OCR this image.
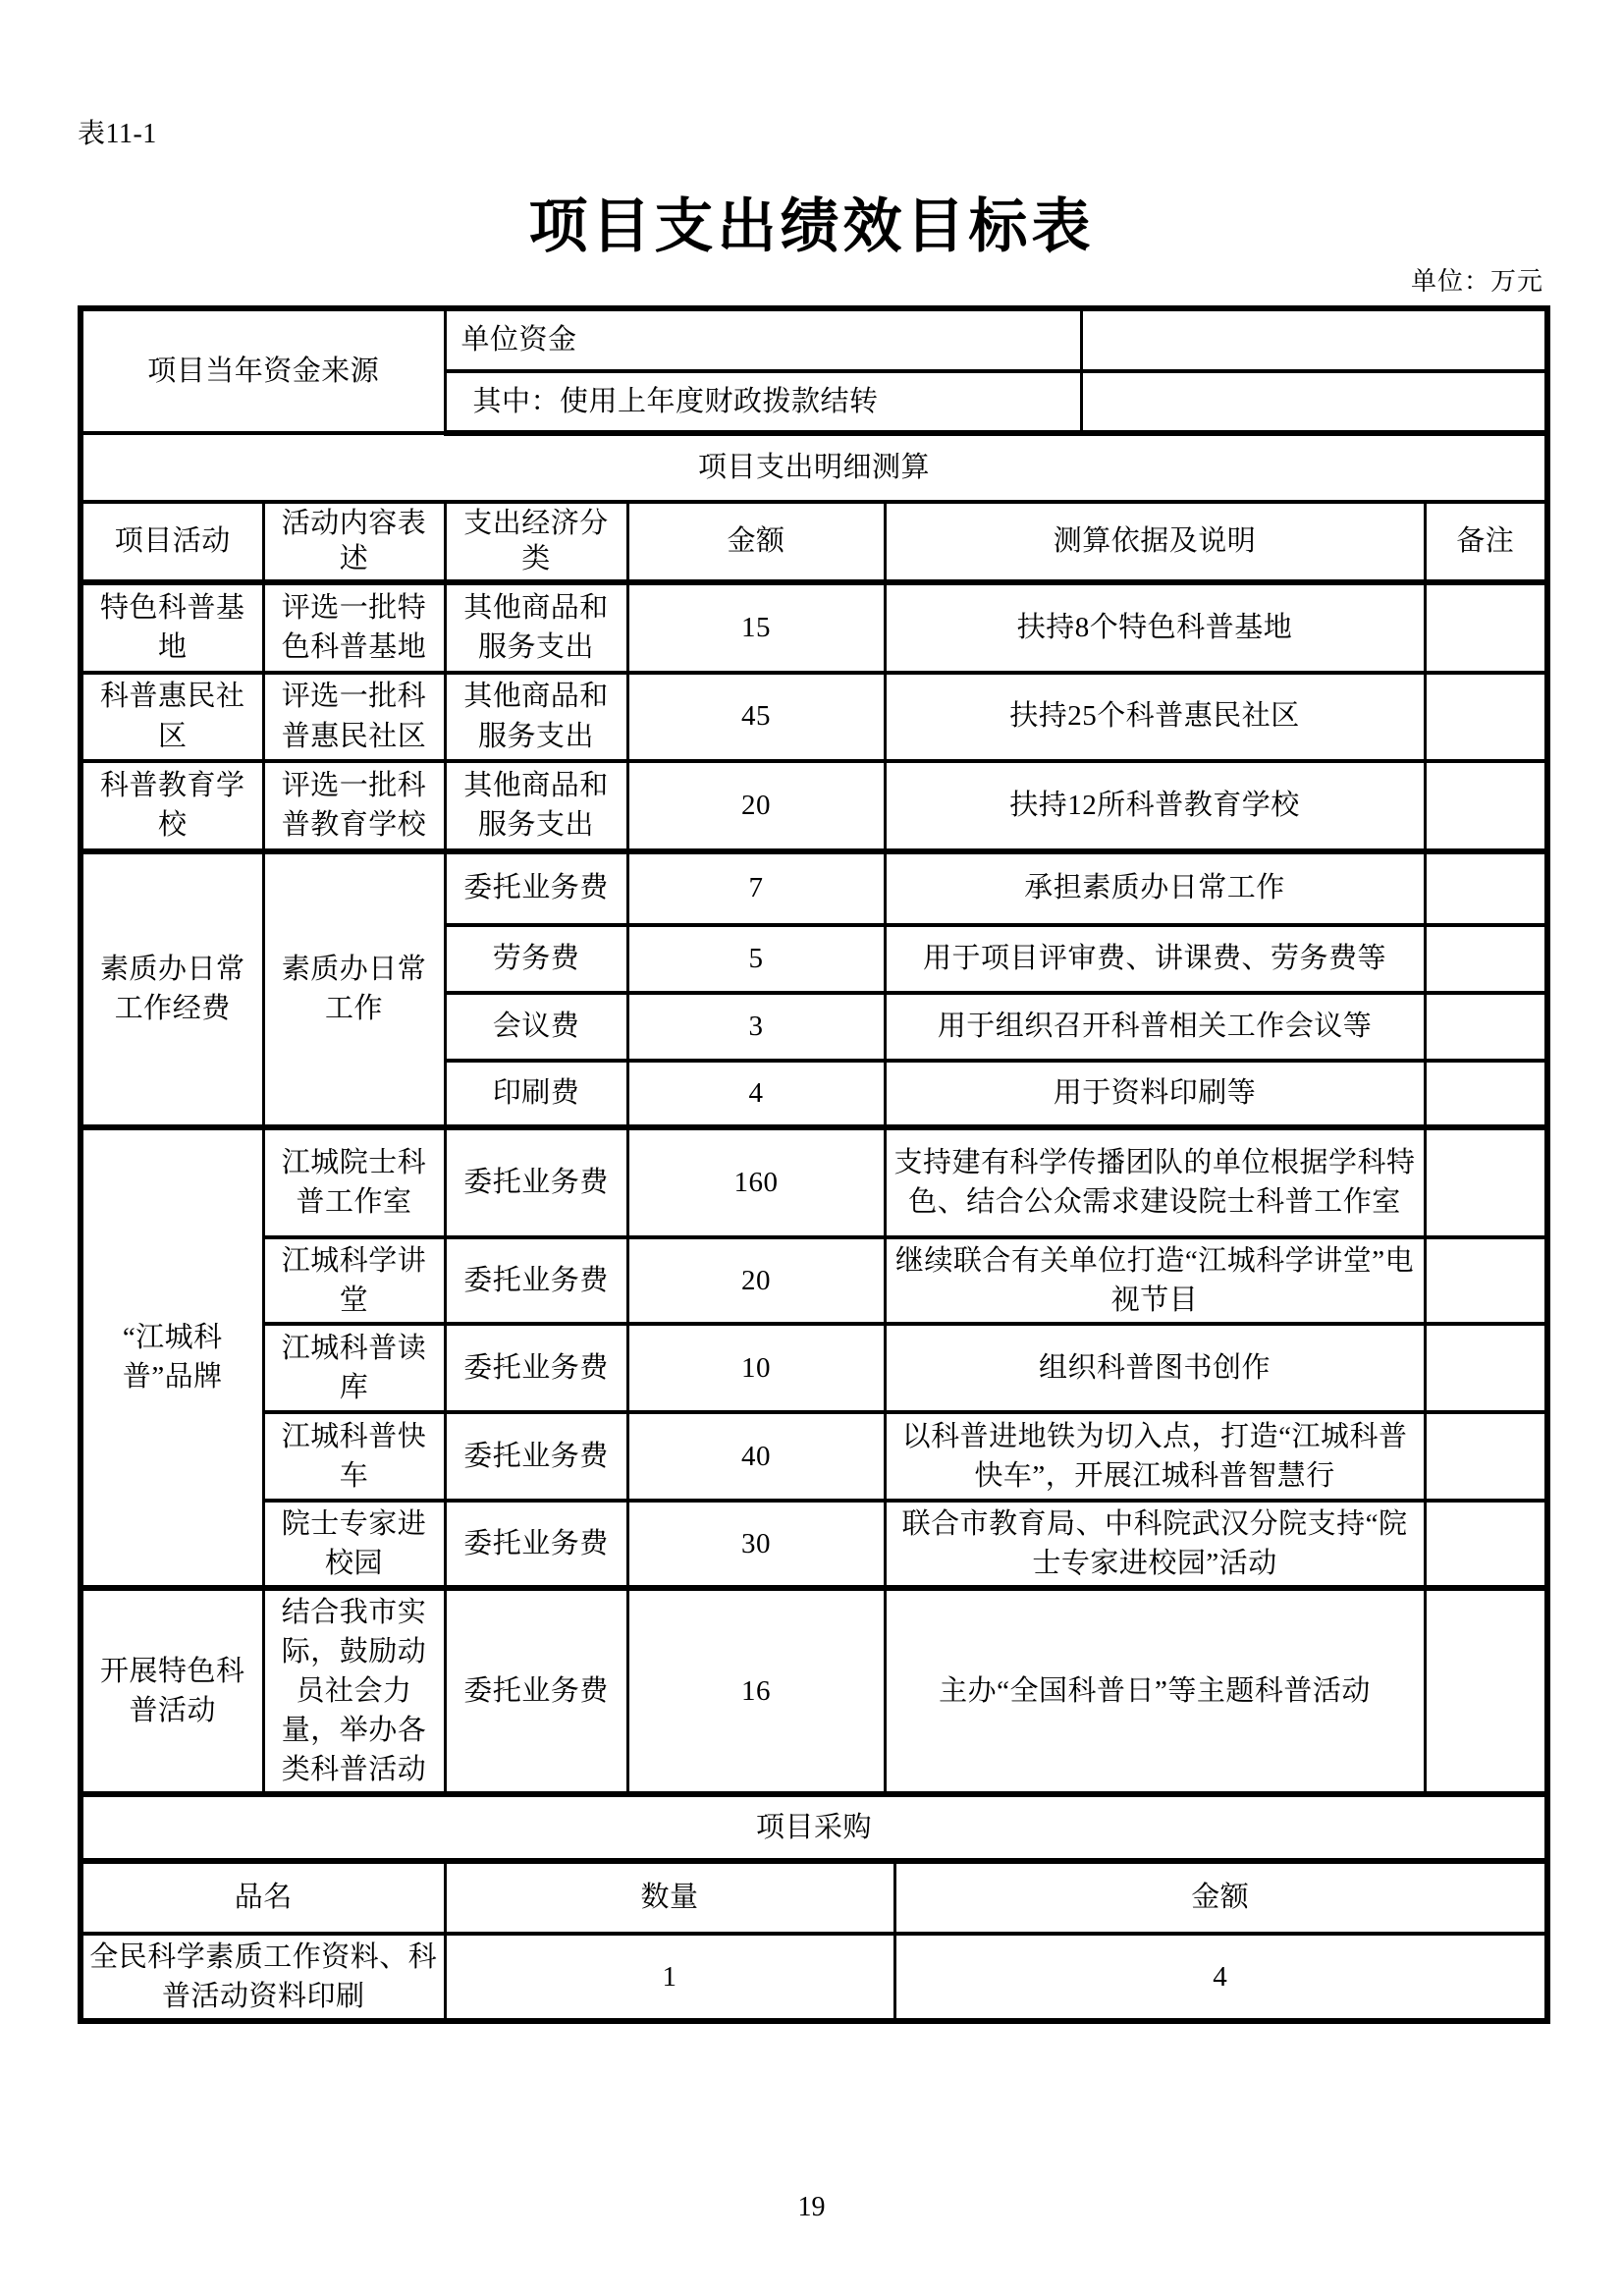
表11-1
项目支出绩效目标表
单位：万元
项目当年资金来源		单位资金					
		其中：使用上年度财政拨款结转					
项目支出明细测算							
项目活动	活动内容表述	支出经济分类	金额	测算依据及说明			备注
特色科普基地	评选一批特色科普基地	其他商品和服务支出	15	扶持8个特色科普基地			
科普惠民社区	评选一批科普惠民社区	其他商品和服务支出	45	扶持25个科普惠民社区			
科普教育学校	评选一批科普教育学校	其他商品和服务支出	20	扶持12所科普教育学校			
素质办日常工作经费	素质办日常工作	委托业务费	7	承担素质办日常工作			
		劳务费	5	用于项目评审费、讲课费、劳务费等			
		会议费	3	用于组织召开科普相关工作会议等			
		印刷费	4	用于资料印刷等			
“江城科普”品牌	江城院士科普工作室	委托业务费	160	支持建有科学传播团队的单位根据学科特色、结合公众需求建设院士科普工作室			
	江城科学讲堂	委托业务费	20	继续联合有关单位打造“江城科学讲堂”电视节目			
	江城科普读库	委托业务费	10	组织科普图书创作			
	江城科普快车	委托业务费	40	以科普进地铁为切入点，打造“江城科普快车”，开展江城科普智慧行			
	院士专家进校园	委托业务费	30	联合市教育局、中科院武汉分院支持“院士专家进校园”活动			
开展特色科普活动	结合我市实际，鼓励动员社会力量，举办各类科普活动	委托业务费	16	主办“全国科普日”等主题科普活动			
项目采购							
品名		数量			金额		
全民科学素质工作资料、科普活动资料印刷		1			4		
19
